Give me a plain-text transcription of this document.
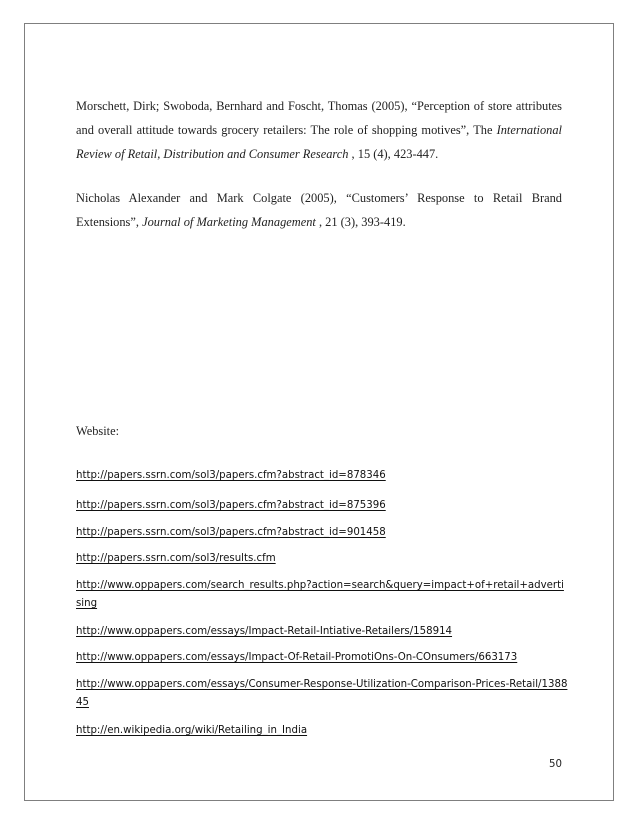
Morschett, Dirk; Swoboda, Bernhard and Foscht, Thomas (2005), “Perception of store attributes and overall attitude towards grocery retailers: The role of shopping motives”, The International Review of Retail, Distribution and Consumer Research , 15 (4), 423-447.

Nicholas Alexander and Mark Colgate (2005), “Customers’ Response to Retail Brand Extensions”, Journal of Marketing Management , 21 (3), 393-419.

Website:
http://papers.ssrn.com/sol3/papers.cfm?abstract_id=878346
http://papers.ssrn.com/sol3/papers.cfm?abstract_id=875396
http://papers.ssrn.com/sol3/papers.cfm?abstract_id=901458
http://papers.ssrn.com/sol3/results.cfm
http://www.oppapers.com/search_results.php?action=search&query=impact+of+retail+advertising
http://www.oppapers.com/essays/Impact-Retail-Intiative-Retailers/158914
http://www.oppapers.com/essays/Impact-Of-Retail-PromotiOns-On-COnsumers/663173
http://www.oppapers.com/essays/Consumer-Response-Utilization-Comparison-Prices-Retail/138845
http://en.wikipedia.org/wiki/Retailing_in_India
50
